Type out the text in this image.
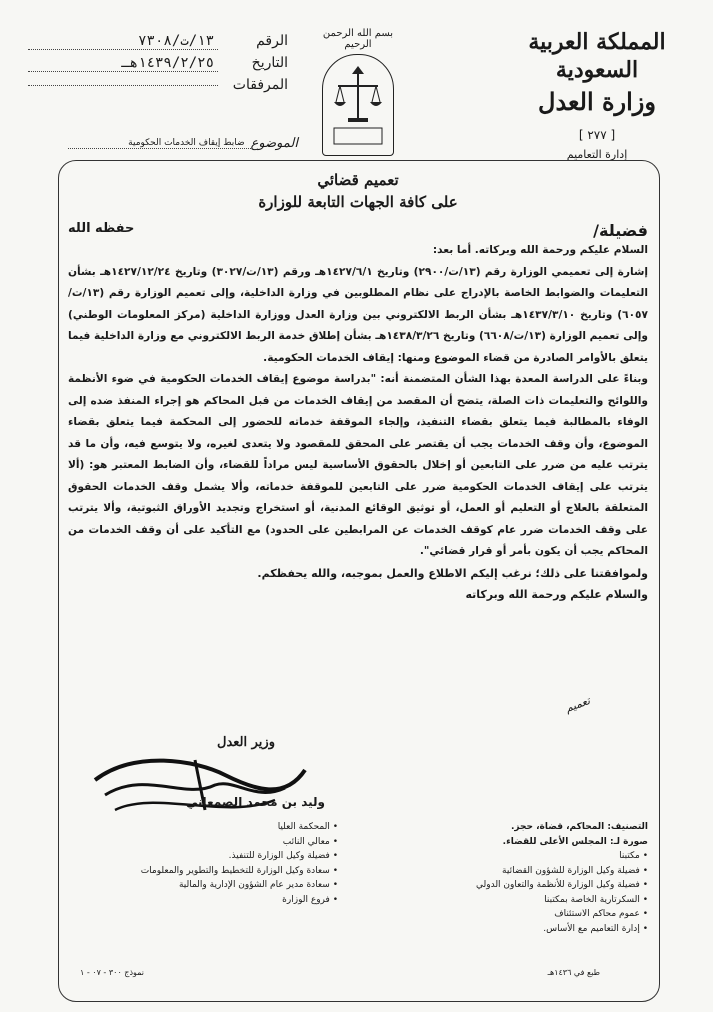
المملكة العربية السعودية
وزارة العدل
[ ٢٧٧ ]
إدارة التعاميم
بسم الله الرحمن الرحيم
الرقم
١٣/ت/٧٣٠٨
التاريخ
١٤٣٩/٢/٢٥هـ
المرفقات
الموضوع
ضابط إيقاف الخدمات الحكومية
تعميم قضائي
على كافة الجهات التابعة للوزارة
فضيلة/
حفظه الله

السلام عليكم ورحمة الله وبركاته. أما بعد:

إشارة إلى تعميمي الوزارة رقم (١٣/ت/٢٩٠٠) وتاريخ ١٤٢٧/٦/١هـ ورقم (١٣/ت/٣٠٢٧) وتاريخ ١٤٢٧/١٢/٢٤هـ بشأن التعليمات والضوابط الخاصة بالإدراج على نظام المطلوبين في وزارة الداخلية، وإلى تعميم الوزارة رقم (١٣/ت/٦٠٥٧) وتاريخ ١٤٣٧/٣/١٠هـ بشأن الربط الالكتروني بين وزارة العدل ووزارة الداخلية (مركز المعلومات الوطني) وإلى تعميم الوزارة (١٣/ت/٦٦٠٨) وتاريخ ١٤٣٨/٣/٢٦هـ بشأن إطلاق خدمة الربط الالكتروني مع وزارة الداخلية فيما يتعلق بالأوامر الصادرة من قضاء الموضوع ومنها: إيقاف الخدمات الحكومية.

وبناءً على الدراسة المعدة بهذا الشأن المتضمنة أنه: "بدراسة موضوع إيقاف الخدمات الحكومية في ضوء الأنظمة واللوائح والتعليمات ذات الصلة، يتضح أن المقصد من إيقاف الخدمات من قبل المحاكم هو إجراء المنفذ ضده إلى الوفاء بالمطالبة فيما يتعلق بقضاء التنفيذ، وإلجاء الموقفة خدماته للحضور إلى المحكمة فيما يتعلق بقضاء الموضوع، وأن وقف الخدمات يجب أن يقتصر على المحقق للمقصود ولا يتعدى لغيره، ولا يتوسع فيه، وأن ما قد يترتب عليه من ضرر على التابعين أو إخلال بالحقوق الأساسية ليس مراداً للقضاء، وأن الضابط المعتبر هو: (ألا يترتب على إيقاف الخدمات الحكومية ضرر على التابعين للموقفة خدماته، وألا يشمل وقف الخدمات الحقوق المتعلقة بالعلاج أو التعليم أو العمل، أو توثيق الوقائع المدنية، أو استخراج وتجديد الأوراق الثبوتية، وألا يترتب على وقف الخدمات ضرر عام كوقف الخدمات عن المرابطين على الحدود) مع التأكيد على أن وقف الخدمات من المحاكم يجب أن يكون بأمر أو قرار قضائي".

ولموافقتنا على ذلك؛ نرغب إليكم الاطلاع والعمل بموجبه، والله يحفظكم.
والسلام عليكم ورحمة الله وبركاته
تعميم
وزير العدل
وليد بن محمد الصمعاني
التصنيف: المحاكم، قضاة، حجز.
صورة لـ: المجلس الأعلى للقضاء.
• مكتبنا
• فضيلة وكيل الوزارة للشؤون القضائية
• فضيلة وكيل الوزارة للأنظمة والتعاون الدولي
• السكرتارية الخاصة بمكتبنا
• عموم محاكم الاستئناف
• إدارة التعاميم مع الأساس.
• المحكمة العليا
• معالي النائب
• فضيلة وكيل الوزارة للتنفيذ.
• سعادة وكيل الوزارة للتخطيط والتطوير والمعلومات
• سعادة مدير عام الشؤون الإدارية والمالية
• فروع الوزارة
طبع في ١٤٣٦هـ
نموذج ٣٠٠ - ٠٧ - ١
